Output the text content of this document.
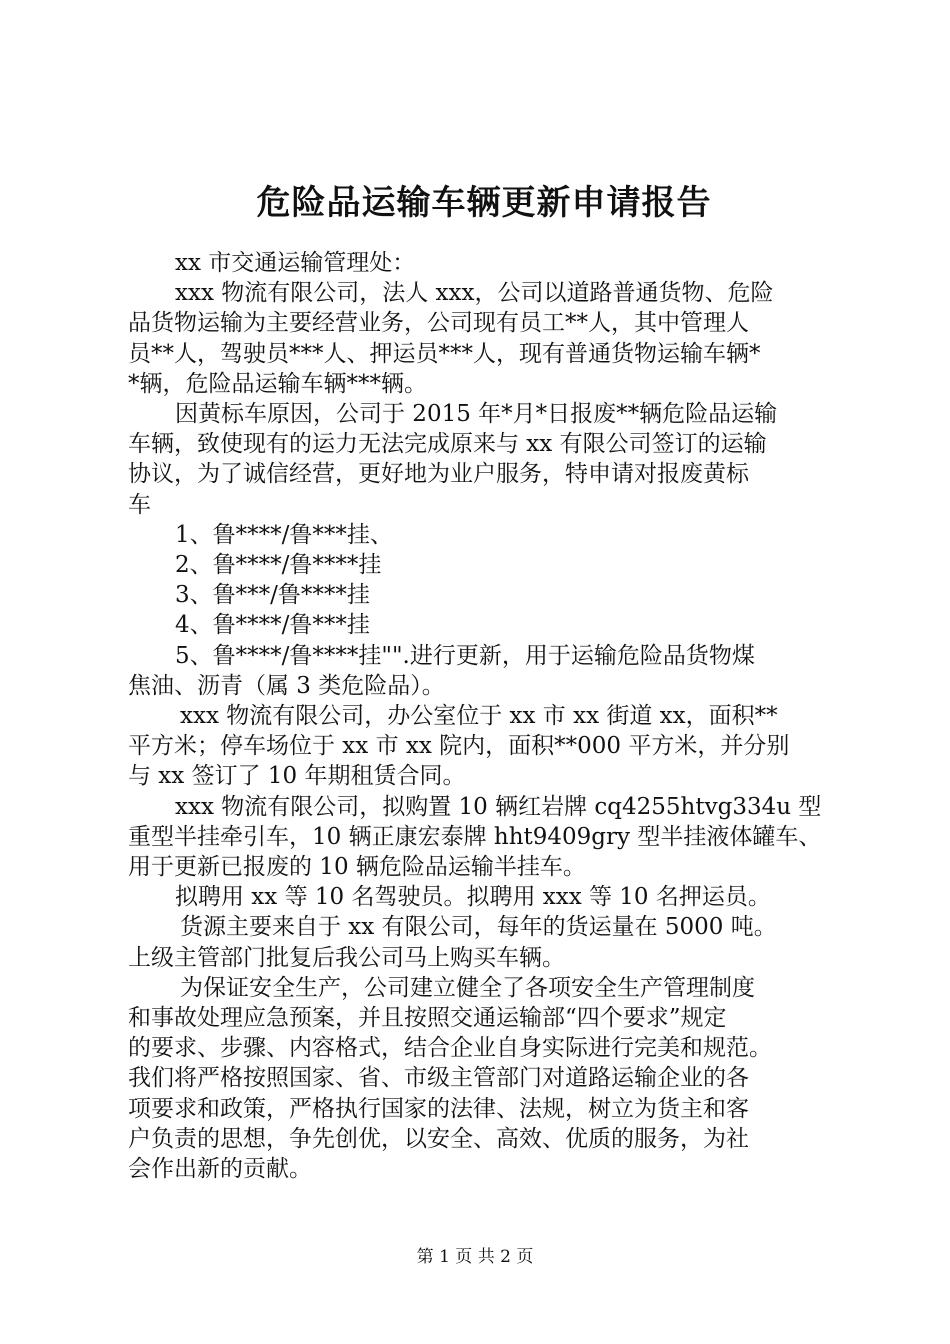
危险品运输车辆更新申请报告
xx 市交通运输管理处：
xxx 物流有限公司，法人 xxx，公司以道路普通货物、危险
品货物运输为主要经营业务，公司现有员工**人，其中管理人
员**人，驾驶员***人、押运员***人，现有普通货物运输车辆*
*辆，危险品运输车辆***辆。
因黄标车原因，公司于 2015 年*月*日报废**辆危险品运输
车辆，致使现有的运力无法完成原来与 xx 有限公司签订的运输
协议，为了诚信经营，更好地为业户服务，特申请对报废黄标
车
1、鲁****/鲁***挂、
2、鲁****/鲁****挂
3、鲁***/鲁****挂
4、鲁****/鲁***挂
5、鲁****/鲁****挂"".进行更新，用于运输危险品货物煤
焦油、沥青（属 3 类危险品）。
xxx 物流有限公司，办公室位于 xx 市 xx 街道 xx，面积**
平方米；停车场位于 xx 市 xx 院内，面积**000 平方米，并分别
与 xx 签订了 10 年期租赁合同。
xxx 物流有限公司，拟购置 10 辆红岩牌 cq4255htvg334u 型
重型半挂牵引车，10 辆正康宏泰牌 hht9409gry 型半挂液体罐车、
用于更新已报废的 10 辆危险品运输半挂车。
拟聘用 xx 等 10 名驾驶员。拟聘用 xxx 等 10 名押运员。
货源主要来自于 xx 有限公司，每年的货运量在 5000 吨。
上级主管部门批复后我公司马上购买车辆。
为保证安全生产，公司建立健全了各项安全生产管理制度
和事故处理应急预案，并且按照交通运输部“四个要求”规定
的要求、步骤、内容格式，结合企业自身实际进行完美和规范。
我们将严格按照国家、省、市级主管部门对道路运输企业的各
项要求和政策，严格执行国家的法律、法规，树立为货主和客
户负责的思想，争先创优，以安全、高效、优质的服务，为社
会作出新的贡献。
第 1 页 共 2 页
